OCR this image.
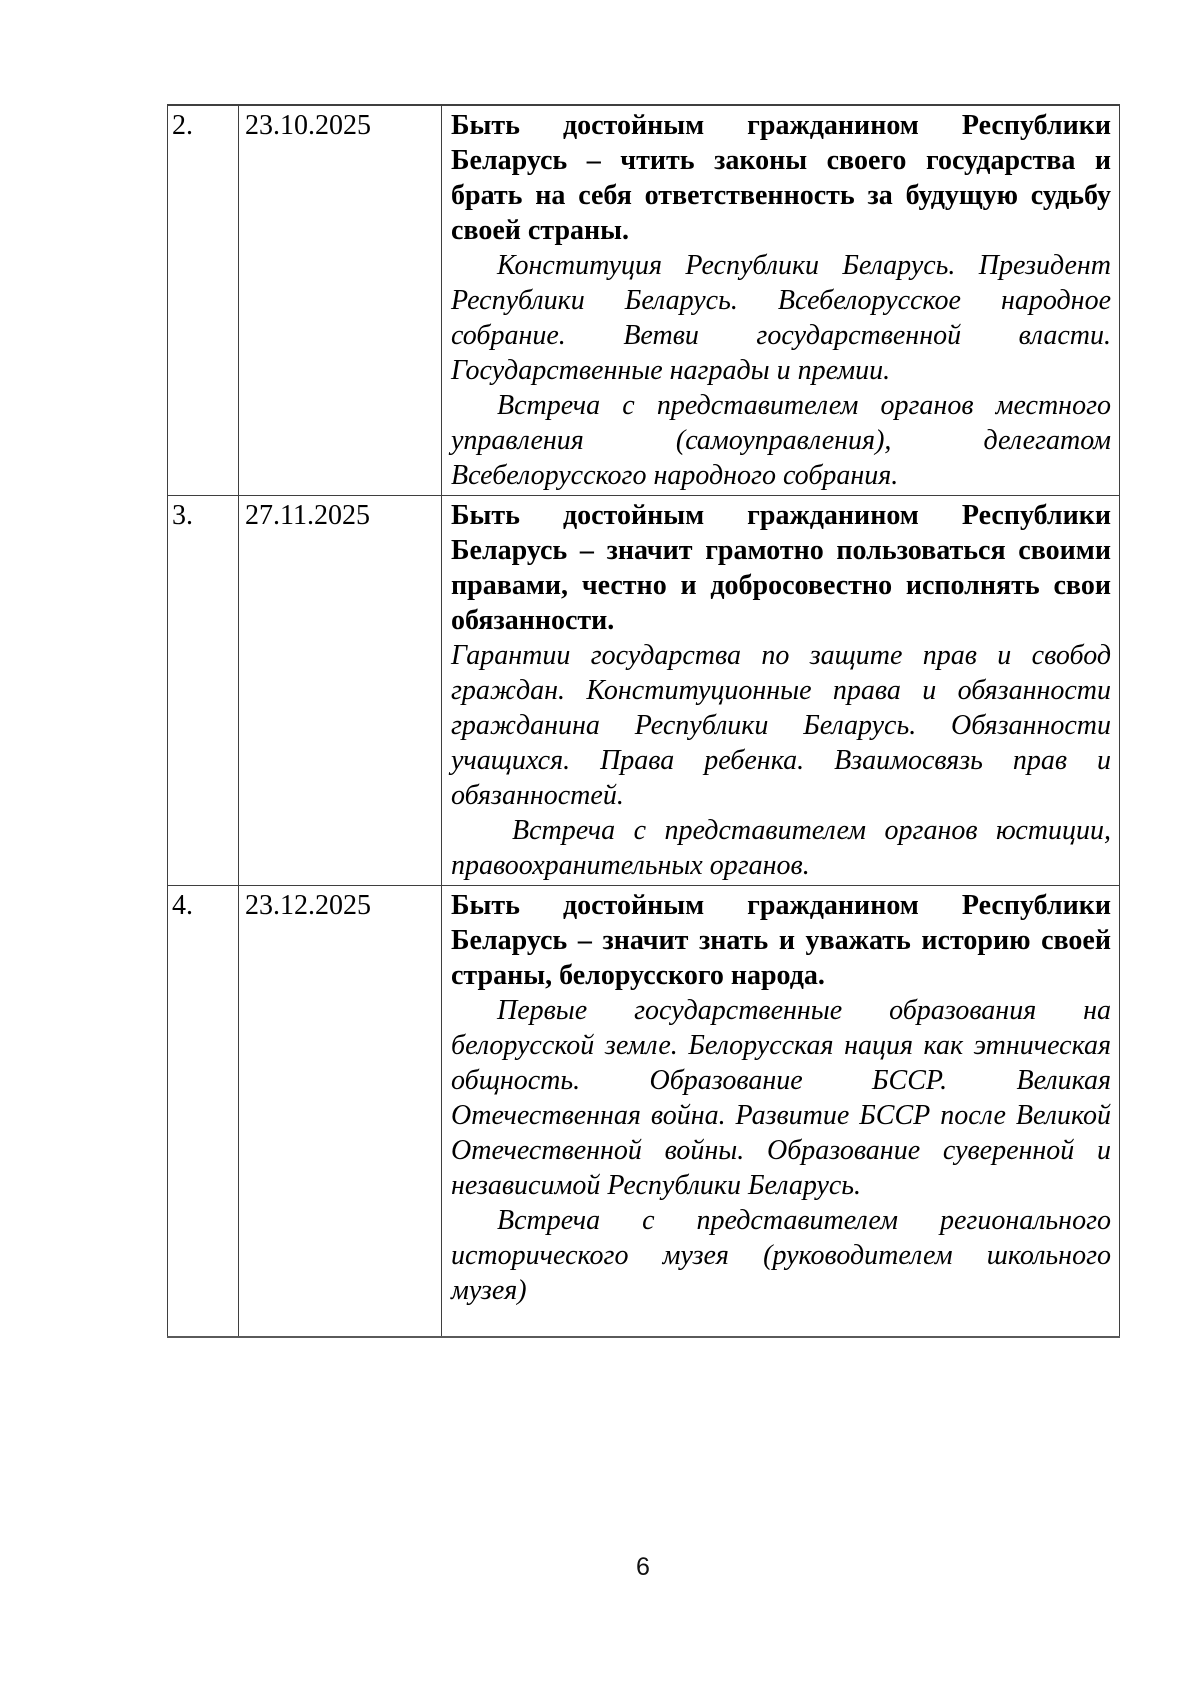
2.	23.10.2025	Быть достойным гражданином Республики Беларусь – чтить законы своего государства и брать на себя ответственность за будущую судьбу своей страны.

Конституция Республики Беларусь. Президент Республики Беларусь. Всебелорусское народное собрание. Ветви государственной власти. Государственные награды и премии.

Встреча с представителем органов местного управления (самоуправления), делегатом Всебелорусского народного собрания.

3.	27.11.2025	Быть достойным гражданином Республики Беларусь – значит грамотно пользоваться своими правами, честно и добросовестно исполнять свои обязанности.

Гарантии государства по защите прав и свобод граждан. Конституционные права и обязанности гражданина Республики Беларусь. Обязанности учащихся. Права ребенка. Взаимосвязь прав и обязанностей.

Встреча с представителем органов юстиции, правоохранительных органов.

4.	23.12.2025	Быть достойным гражданином Республики Беларусь – значит знать и уважать историю своей страны, белорусского народа.

Первые государственные образования на белорусской земле. Белорусская нация как этническая общность. Образование БССР. Великая Отечественная война. Развитие БССР после Великой Отечественной войны. Образование суверенной и независимой Республики Беларусь.

Встреча с представителем регионального исторического музея (руководителем школьного музея)

6
